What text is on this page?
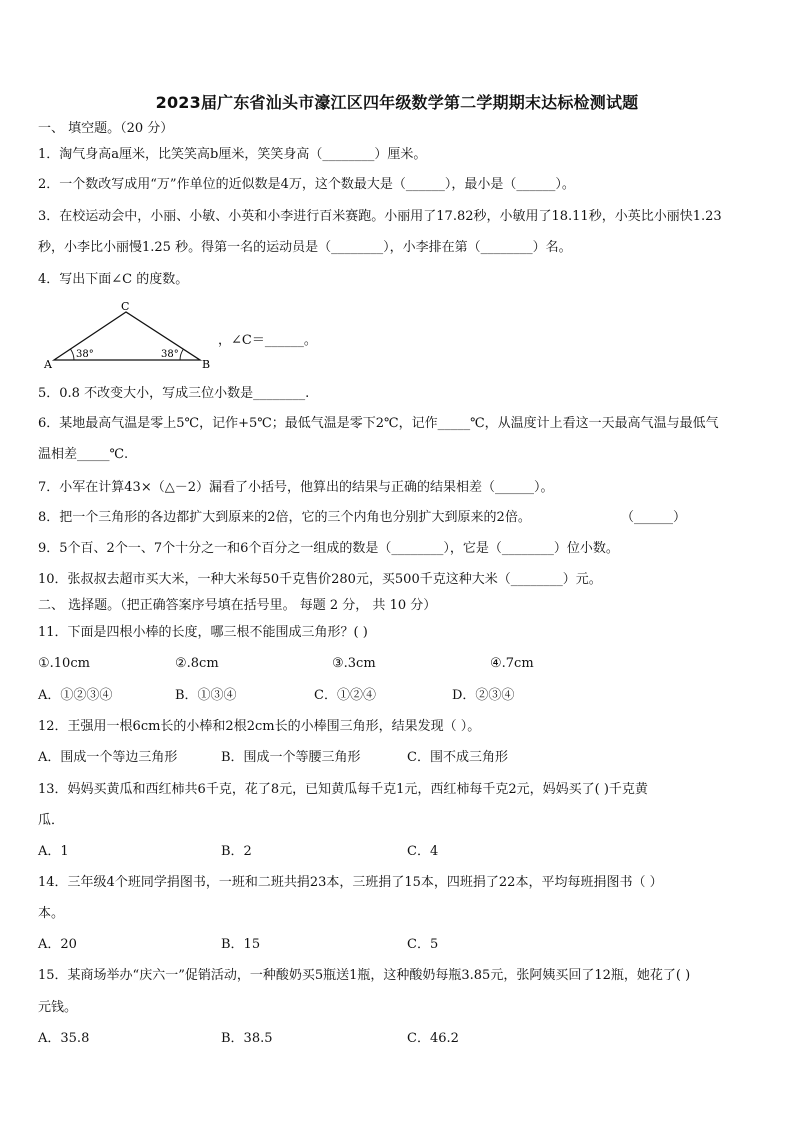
2023届广东省汕头市濠江区四年级数学第二学期期末达标检测试题
一、 填空题。（20 分）
1．淘气身高a厘米，比笑笑高b厘米，笑笑身高（________）厘米。
2．一个数改写成用“万”作单位的近似数是4万，这个数最大是（______），最小是（______）。
3．在校运动会中，小丽、小敏、小英和小李进行百米赛跑。小丽用了17.82秒，小敏用了18.11秒，小英比小丽快1.23
秒，小李比小丽慢1.25 秒。得第一名的运动员是（________），小李排在第（________）名。
4．写出下面∠C 的度数。
C
A	B
38°	38°
，∠C＝______。
5．0.8 不改变大小，写成三位小数是________.
6．某地最高气温是零上5℃，记作+5℃；最低气温是零下2℃，记作_____℃，从温度计上看这一天最高气温与最低气
温相差_____℃.
7．小军在计算43×（△－2）漏看了小括号，他算出的结果与正确的结果相差（______）。
8．把一个三角形的各边都扩大到原来的2倍，它的三个内角也分别扩大到原来的2倍。	（______）
9．5个百、2个一、7个十分之一和6个百分之一组成的数是（________），它是（________）位小数。
10．张叔叔去超市买大米，一种大米每50千克售价280元，买500千克这种大米（________）元。
二、 选择题。（把正确答案序号填在括号里。 每题 2 分， 共 10 分）
11．下面是四根小棒的长度，哪三根不能围成三角形？( )
①.10cm	②.8cm	③.3cm	④.7cm
A．①②③④	B．①③④	C．①②④	D．②③④
12．王强用一根6cm长的小棒和2根2cm长的小棒围三角形，结果发现（ ）。
A．围成一个等边三角形	B．围成一个等腰三角形	C．围不成三角形
13．妈妈买黄瓜和西红柿共6千克，花了8元，已知黄瓜每千克1元，西红柿每千克2元，妈妈买了( )千克黄
瓜．
A．1	B．2	C．4
14．三年级4个班同学捐图书，一班和二班共捐23本，三班捐了15本，四班捐了22本，平均每班捐图书（ ）
本。
A．20	B．15	C．5
15．某商场举办“庆六一”促销活动，一种酸奶买5瓶送1瓶，这种酸奶每瓶3.85元，张阿姨买回了12瓶，她花了( )
元钱。
A．35.8	B．38.5	C．46.2
